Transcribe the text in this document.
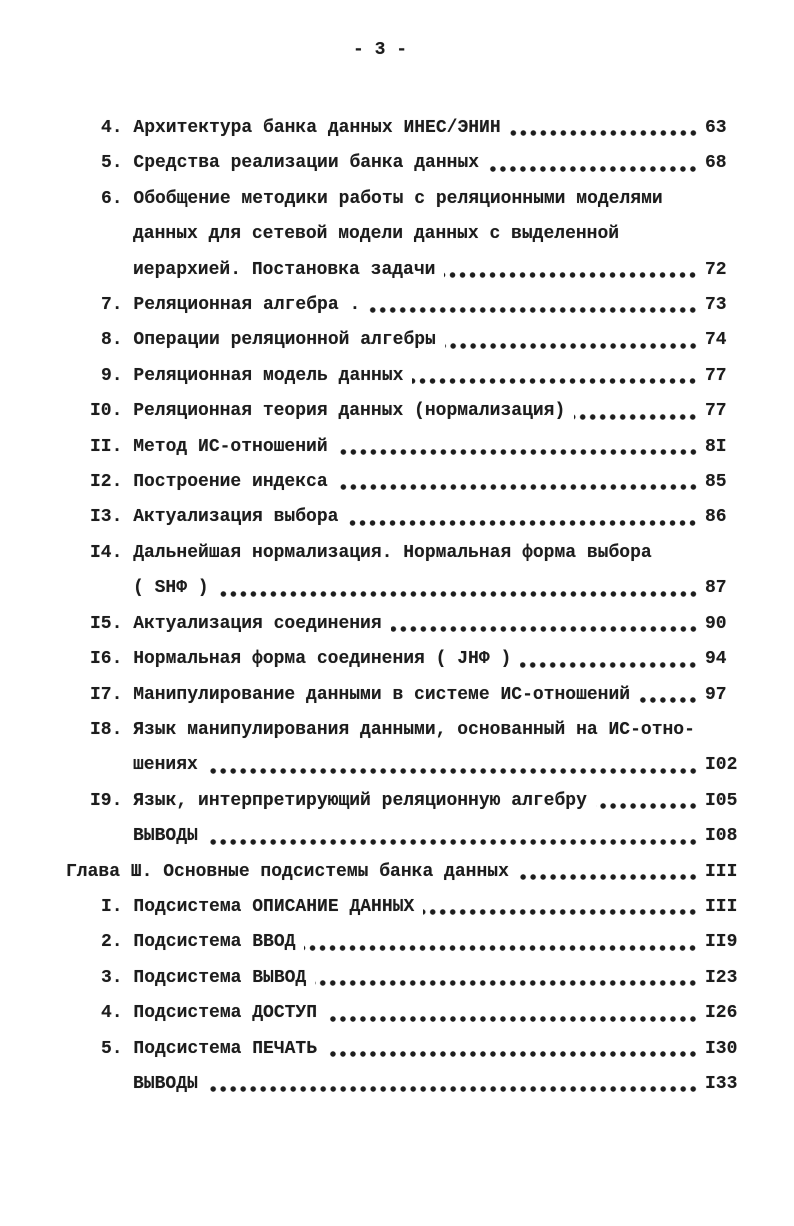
- 3 -
4. Архитектура банка данных ИНЕС/ЭНИН	63
5. Средства реализации банка данных	68
6. Обобщение методики работы с реляционными моделями
данных для сетевой модели данных с выделенной
иерархией. Постановка задачи	72
7. Реляционная алгебра .	73
8. Операции реляционной алгебры	74
9. Реляционная модель данных	77
I0. Реляционная теория данных (нормализация)	77
II. Метод ИС-отношений	8I
I2. Построение индекса	85
I3. Актуализация выбора	86
I4. Дальнейшая нормализация. Нормальная форма выбора
( SНФ )	87
I5. Актуализация соединения	90
I6. Нормальная форма соединения ( JНФ )	94
I7. Манипулирование данными в системе ИС-отношений	97
I8. Язык манипулирования данными, основанный на ИС-отно-
шениях	I02
I9. Язык, интерпретирующий реляционную алгебру	I05
ВЫВОДЫ	I08
Глава Ш. Основные подсистемы банка данных	III
I. Подсистема ОПИСАНИЕ ДАННЫХ	III
2. Подсистема ВВОД	II9
3. Подсистема ВЫВОД	I23
4. Подсистема ДОСТУП	I26
5. Подсистема ПЕЧАТЬ	I30
ВЫВОДЫ	I33
